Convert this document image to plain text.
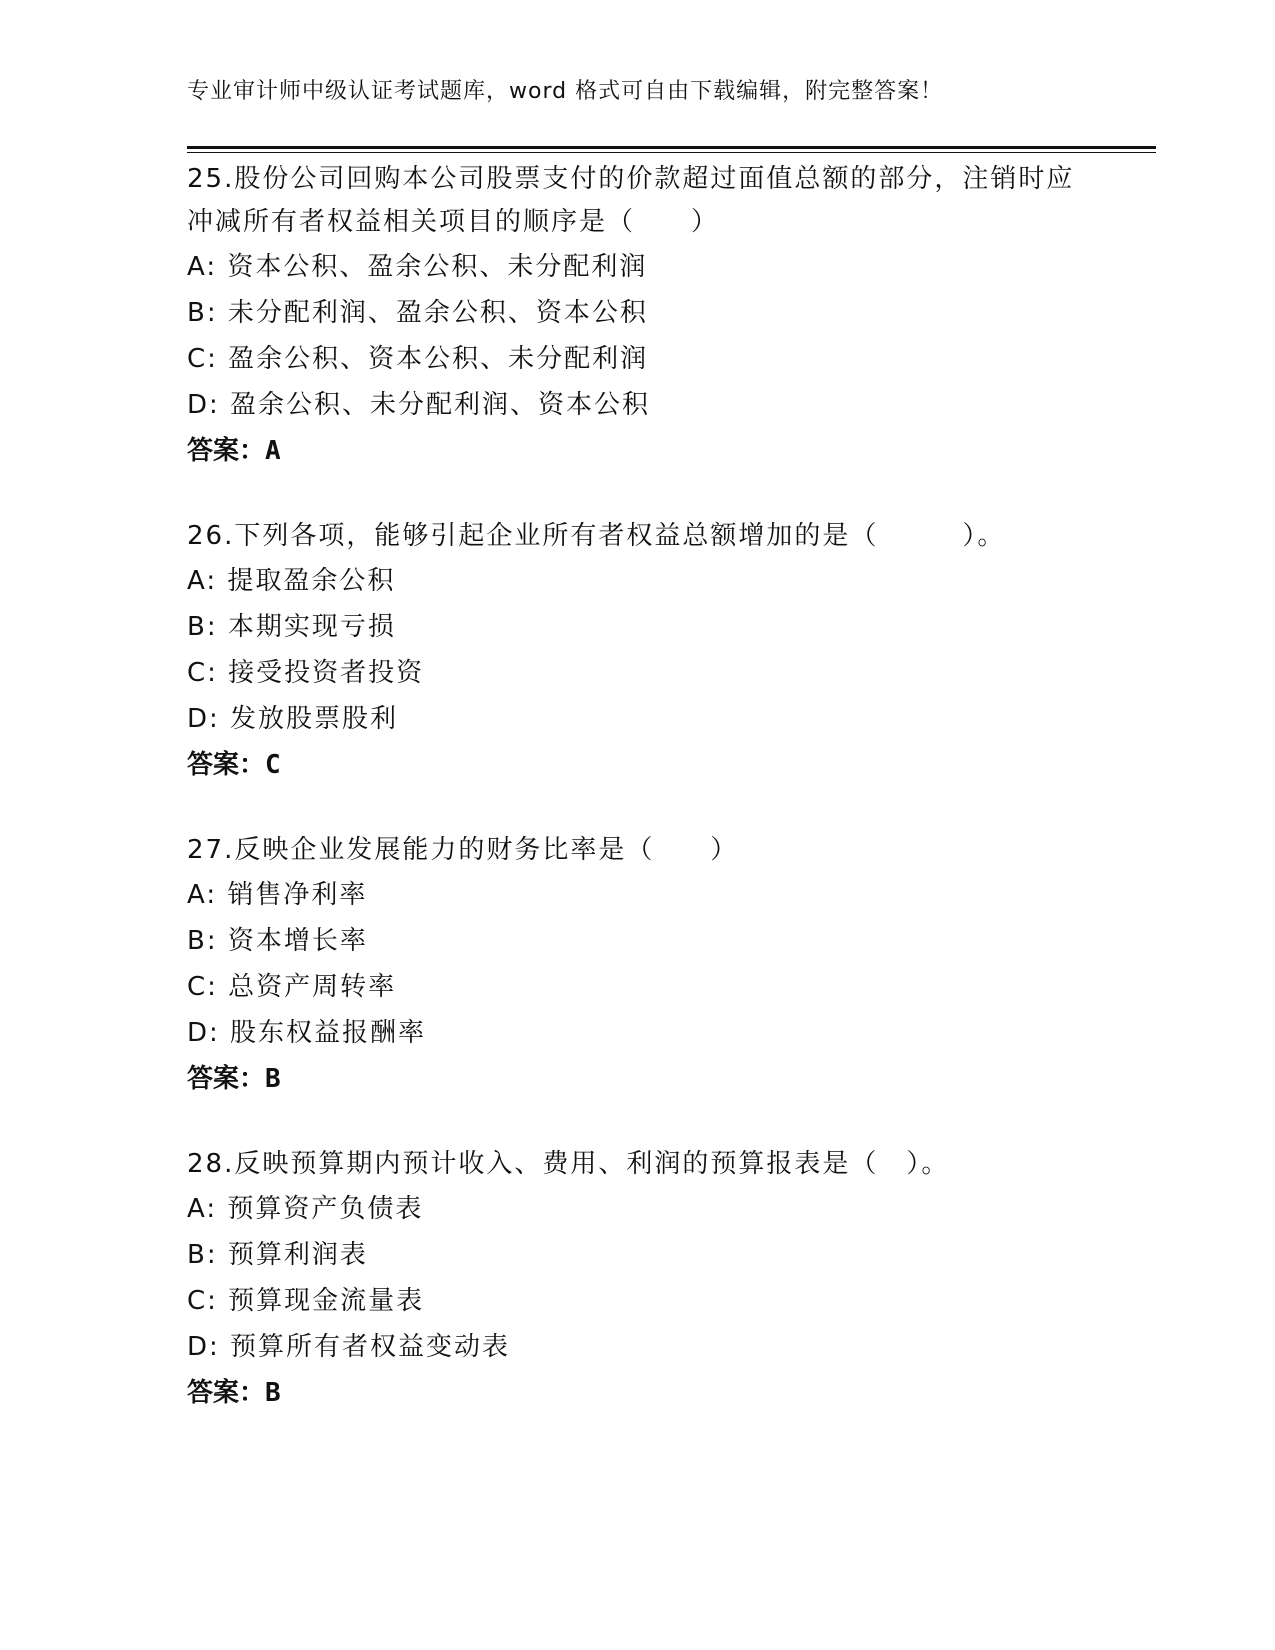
专业审计师中级认证考试题库，word 格式可自由下载编辑，附完整答案！
25.股份公司回购本公司股票支付的价款超过面值总额的部分，注销时应冲减所有者权益相关项目的顺序是（　　）
A: 资本公积、盈余公积、未分配利润
B: 未分配利润、盈余公积、资本公积
C: 盈余公积、资本公积、未分配利润
D: 盈余公积、未分配利润、资本公积
答案：A
26.下列各项，能够引起企业所有者权益总额增加的是（　　　）。
A: 提取盈余公积
B: 本期实现亏损
C: 接受投资者投资
D: 发放股票股利
答案：C
27.反映企业发展能力的财务比率是（　　）
A: 销售净利率
B: 资本增长率
C: 总资产周转率
D: 股东权益报酬率
答案：B
28.反映预算期内预计收入、费用、利润的预算报表是（　）。
A: 预算资产负债表
B: 预算利润表
C: 预算现金流量表
D: 预算所有者权益变动表
答案：B
